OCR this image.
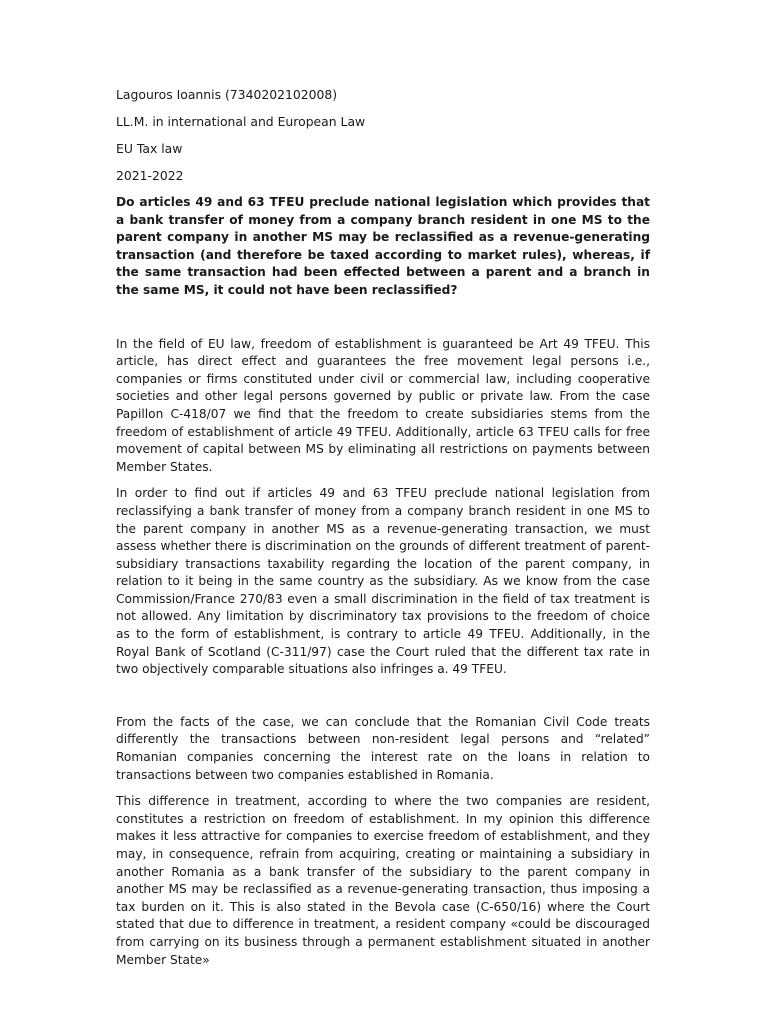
Lagouros Ioannis (7340202102008)

LL.M. in international and European Law

EU Tax law

2021-2022

Do articles 49 and 63 TFEU preclude national legislation which provides that a bank transfer of money from a company branch resident in one MS to the parent company in another MS may be reclassified as a revenue-generating transaction (and therefore be taxed according to market rules), whereas, if the same transaction had been effected between a parent and a branch in the same MS, it could not have been reclassified?

In the field of EU law, freedom of establishment is guaranteed be Art 49 TFEU. This article, has direct effect and guarantees the free movement legal persons i.e., companies or firms constituted under civil or commercial law, including cooperative societies and other legal persons governed by public or private law. From the case Papillon C-418/07 we find that the freedom to create subsidiaries stems from the freedom of establishment of article 49 TFEU. Additionally, article 63 TFEU calls for free movement of capital between MS by eliminating all restrictions on payments between Member States.

In order to find out if articles 49 and 63 TFEU preclude national legislation from reclassifying a bank transfer of money from a company branch resident in one MS to the parent company in another MS as a revenue-generating transaction, we must assess whether there is discrimination on the grounds of different treatment of parent-subsidiary transactions taxability regarding the location of the parent company, in relation to it being in the same country as the subsidiary. As we know from the case Commission/France 270/83 even a small discrimination in the field of tax treatment is not allowed. Any limitation by discriminatory tax provisions to the freedom of choice as to the form of establishment, is contrary to article 49 TFEU. Additionally, in the Royal Bank of Scotland (C-311/97) case the Court ruled that the different tax rate in two objectively comparable situations also infringes a. 49 TFEU.

From the facts of the case, we can conclude that the Romanian Civil Code treats differently the transactions between non-resident legal persons and “related” Romanian companies concerning the interest rate on the loans in relation to transactions between two companies established in Romania.

This difference in treatment, according to where the two companies are resident, constitutes a restriction on freedom of establishment. In my opinion this difference makes it less attractive for companies to exercise freedom of establishment, and they may, in consequence, refrain from acquiring, creating or maintaining a subsidiary in another Romania as a bank transfer of the subsidiary to the parent company in another MS may be reclassified as a revenue-generating transaction, thus imposing a tax burden on it. This is also stated in the Bevola case (C-650/16) where the Court stated that due to difference in treatment, a resident company «could be discouraged from carrying on its business through a permanent establishment situated in another Member State»
